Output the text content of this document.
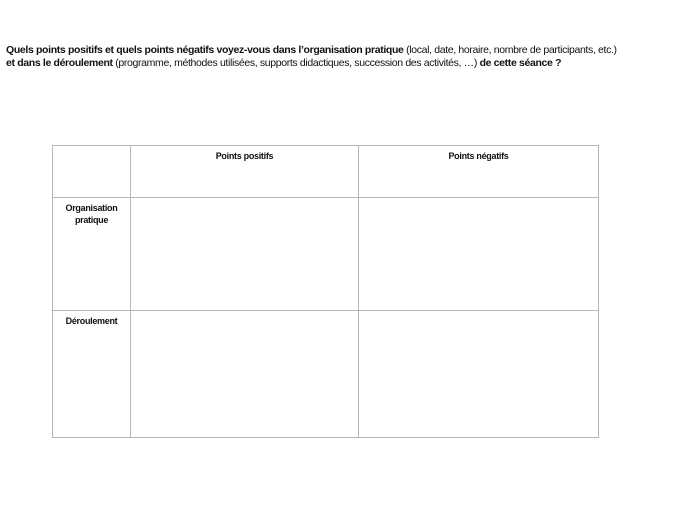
Quels points positifs et quels points négatifs voyez-vous dans l’organisation pratique (local, date, horaire, nombre de participants, etc.)

et dans le déroulement (programme, méthodes utilisées, supports didactiques, succession des activités, …) de cette séance ?

	Points positifs	Points négatifs
Organisation pratique		
Déroulement		
